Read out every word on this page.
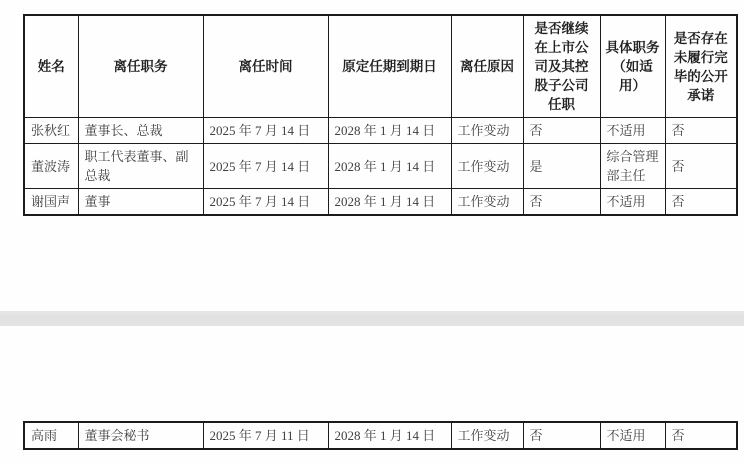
姓名	离任职务	离任时间	原定任期到期日	离任原因	是否继续在上市公司及其控股子公司任职	具体职务（如适用）	是否存在未履行完毕的公开承诺
张秋红	董事长、总裁	2025 年 7 月 14 日	2028 年 1 月 14 日	工作变动	否	不适用	否
董波涛	职工代表董事、副总裁	2025 年 7 月 14 日	2028 年 1 月 14 日	工作变动	是	综合管理部主任	否
谢国声	董事	2025 年 7 月 14 日	2028 年 1 月 14 日	工作变动	否	不适用	否
高雨	董事会秘书	2025 年 7 月 11 日	2028 年 1 月 14 日	工作变动	否	不适用	否
